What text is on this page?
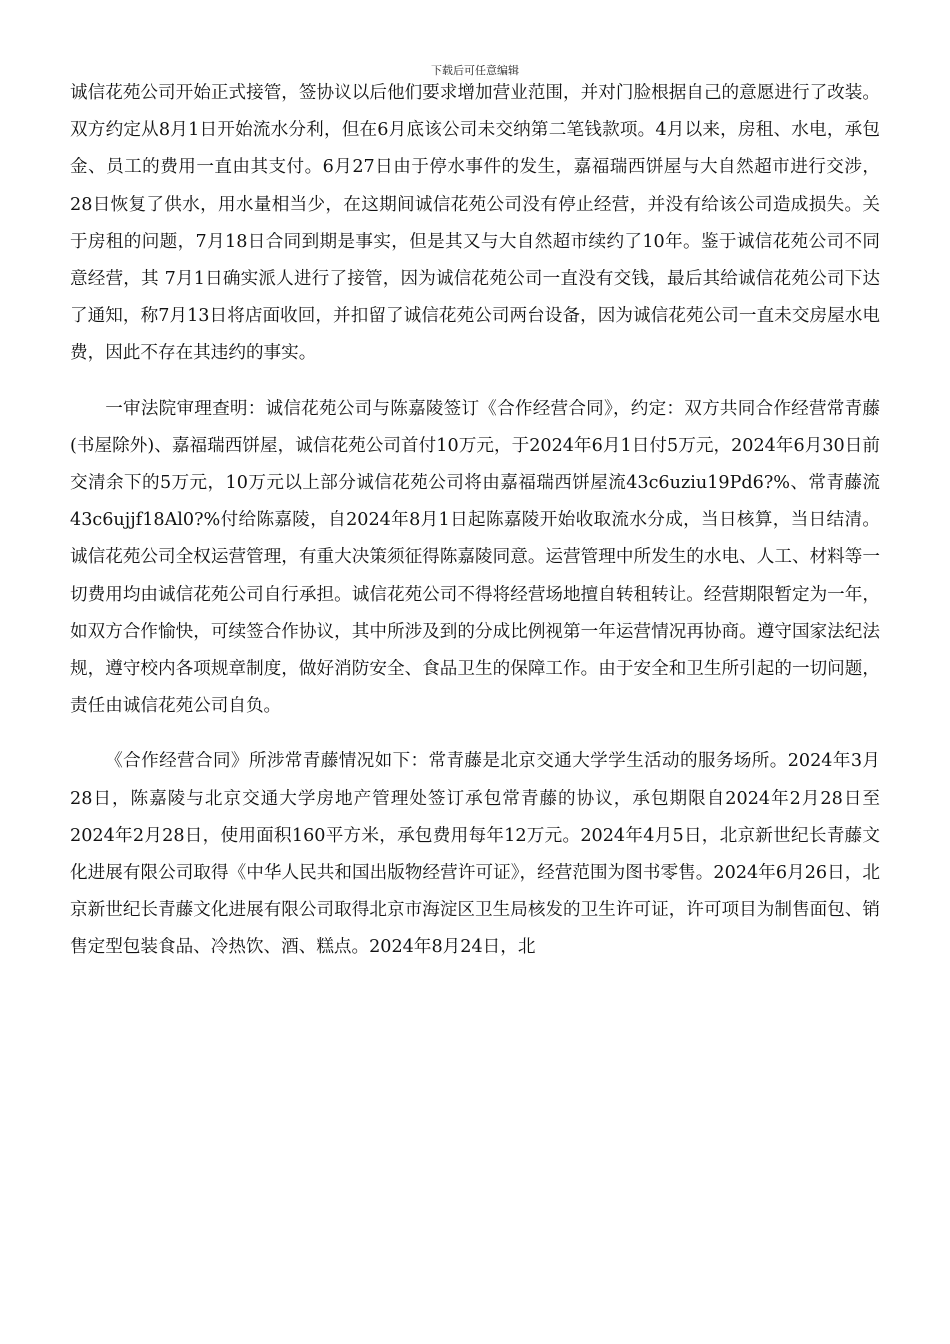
下载后可任意编辑

诚信花苑公司开始正式接管，签协议以后他们要求增加营业范围，并对门脸根据自己的意愿进行了改装。双方约定从8月1日开始流水分利，但在6月底该公司未交纳第二笔钱款项。4月以来，房租、水电，承包金、员工的费用一直由其支付。6月27日由于停水事件的发生，嘉福瑞西饼屋与大自然超市进行交涉，28日恢复了供水，用水量相当少，在这期间诚信花苑公司没有停止经营，并没有给该公司造成损失。关于房租的问题，7月18日合同到期是事实，但是其又与大自然超市续约了10年。鉴于诚信花苑公司不同意经营，其 7月1日确实派人进行了接管，因为诚信花苑公司一直没有交钱，最后其给诚信花苑公司下达了通知，称7月13日将店面收回，并扣留了诚信花苑公司两台设备，因为诚信花苑公司一直未交房屋水电费，因此不存在其违约的事实。

一审法院审理查明：诚信花苑公司与陈嘉陵签订《合作经营合同》，约定：双方共同合作经营常青藤(书屋除外)、嘉福瑞西饼屋，诚信花苑公司首付10万元，于2024年6月1日付5万元，2024年6月30日前交清余下的5万元，10万元以上部分诚信花苑公司将由嘉福瑞西饼屋流43c6uziu19Pd6?%、常青藤流43c6ujjf18Al0?%付给陈嘉陵，自2024年8月1日起陈嘉陵开始收取流水分成，当日核算，当日结清。诚信花苑公司全权运营管理，有重大决策须征得陈嘉陵同意。运营管理中所发生的水电、人工、材料等一切费用均由诚信花苑公司自行承担。诚信花苑公司不得将经营场地擅自转租转让。经营期限暂定为一年，如双方合作愉快，可续签合作协议，其中所涉及到的分成比例视第一年运营情况再协商。遵守国家法纪法规，遵守校内各项规章制度，做好消防安全、食品卫生的保障工作。由于安全和卫生所引起的一切问题，责任由诚信花苑公司自负。

《合作经营合同》所涉常青藤情况如下：常青藤是北京交通大学学生活动的服务场所。2024年3月28日，陈嘉陵与北京交通大学房地产管理处签订承包常青藤的协议，承包期限自2024年2月28日至2024年2月28日，使用面积160平方米，承包费用每年12万元。2024年4月5日，北京新世纪长青藤文化进展有限公司取得《中华人民共和国出版物经营许可证》，经营范围为图书零售。2024年6月26日，北京新世纪长青藤文化进展有限公司取得北京市海淀区卫生局核发的卫生许可证，许可项目为制售面包、销售定型包装食品、冷热饮、酒、糕点。2024年8月24日，北
